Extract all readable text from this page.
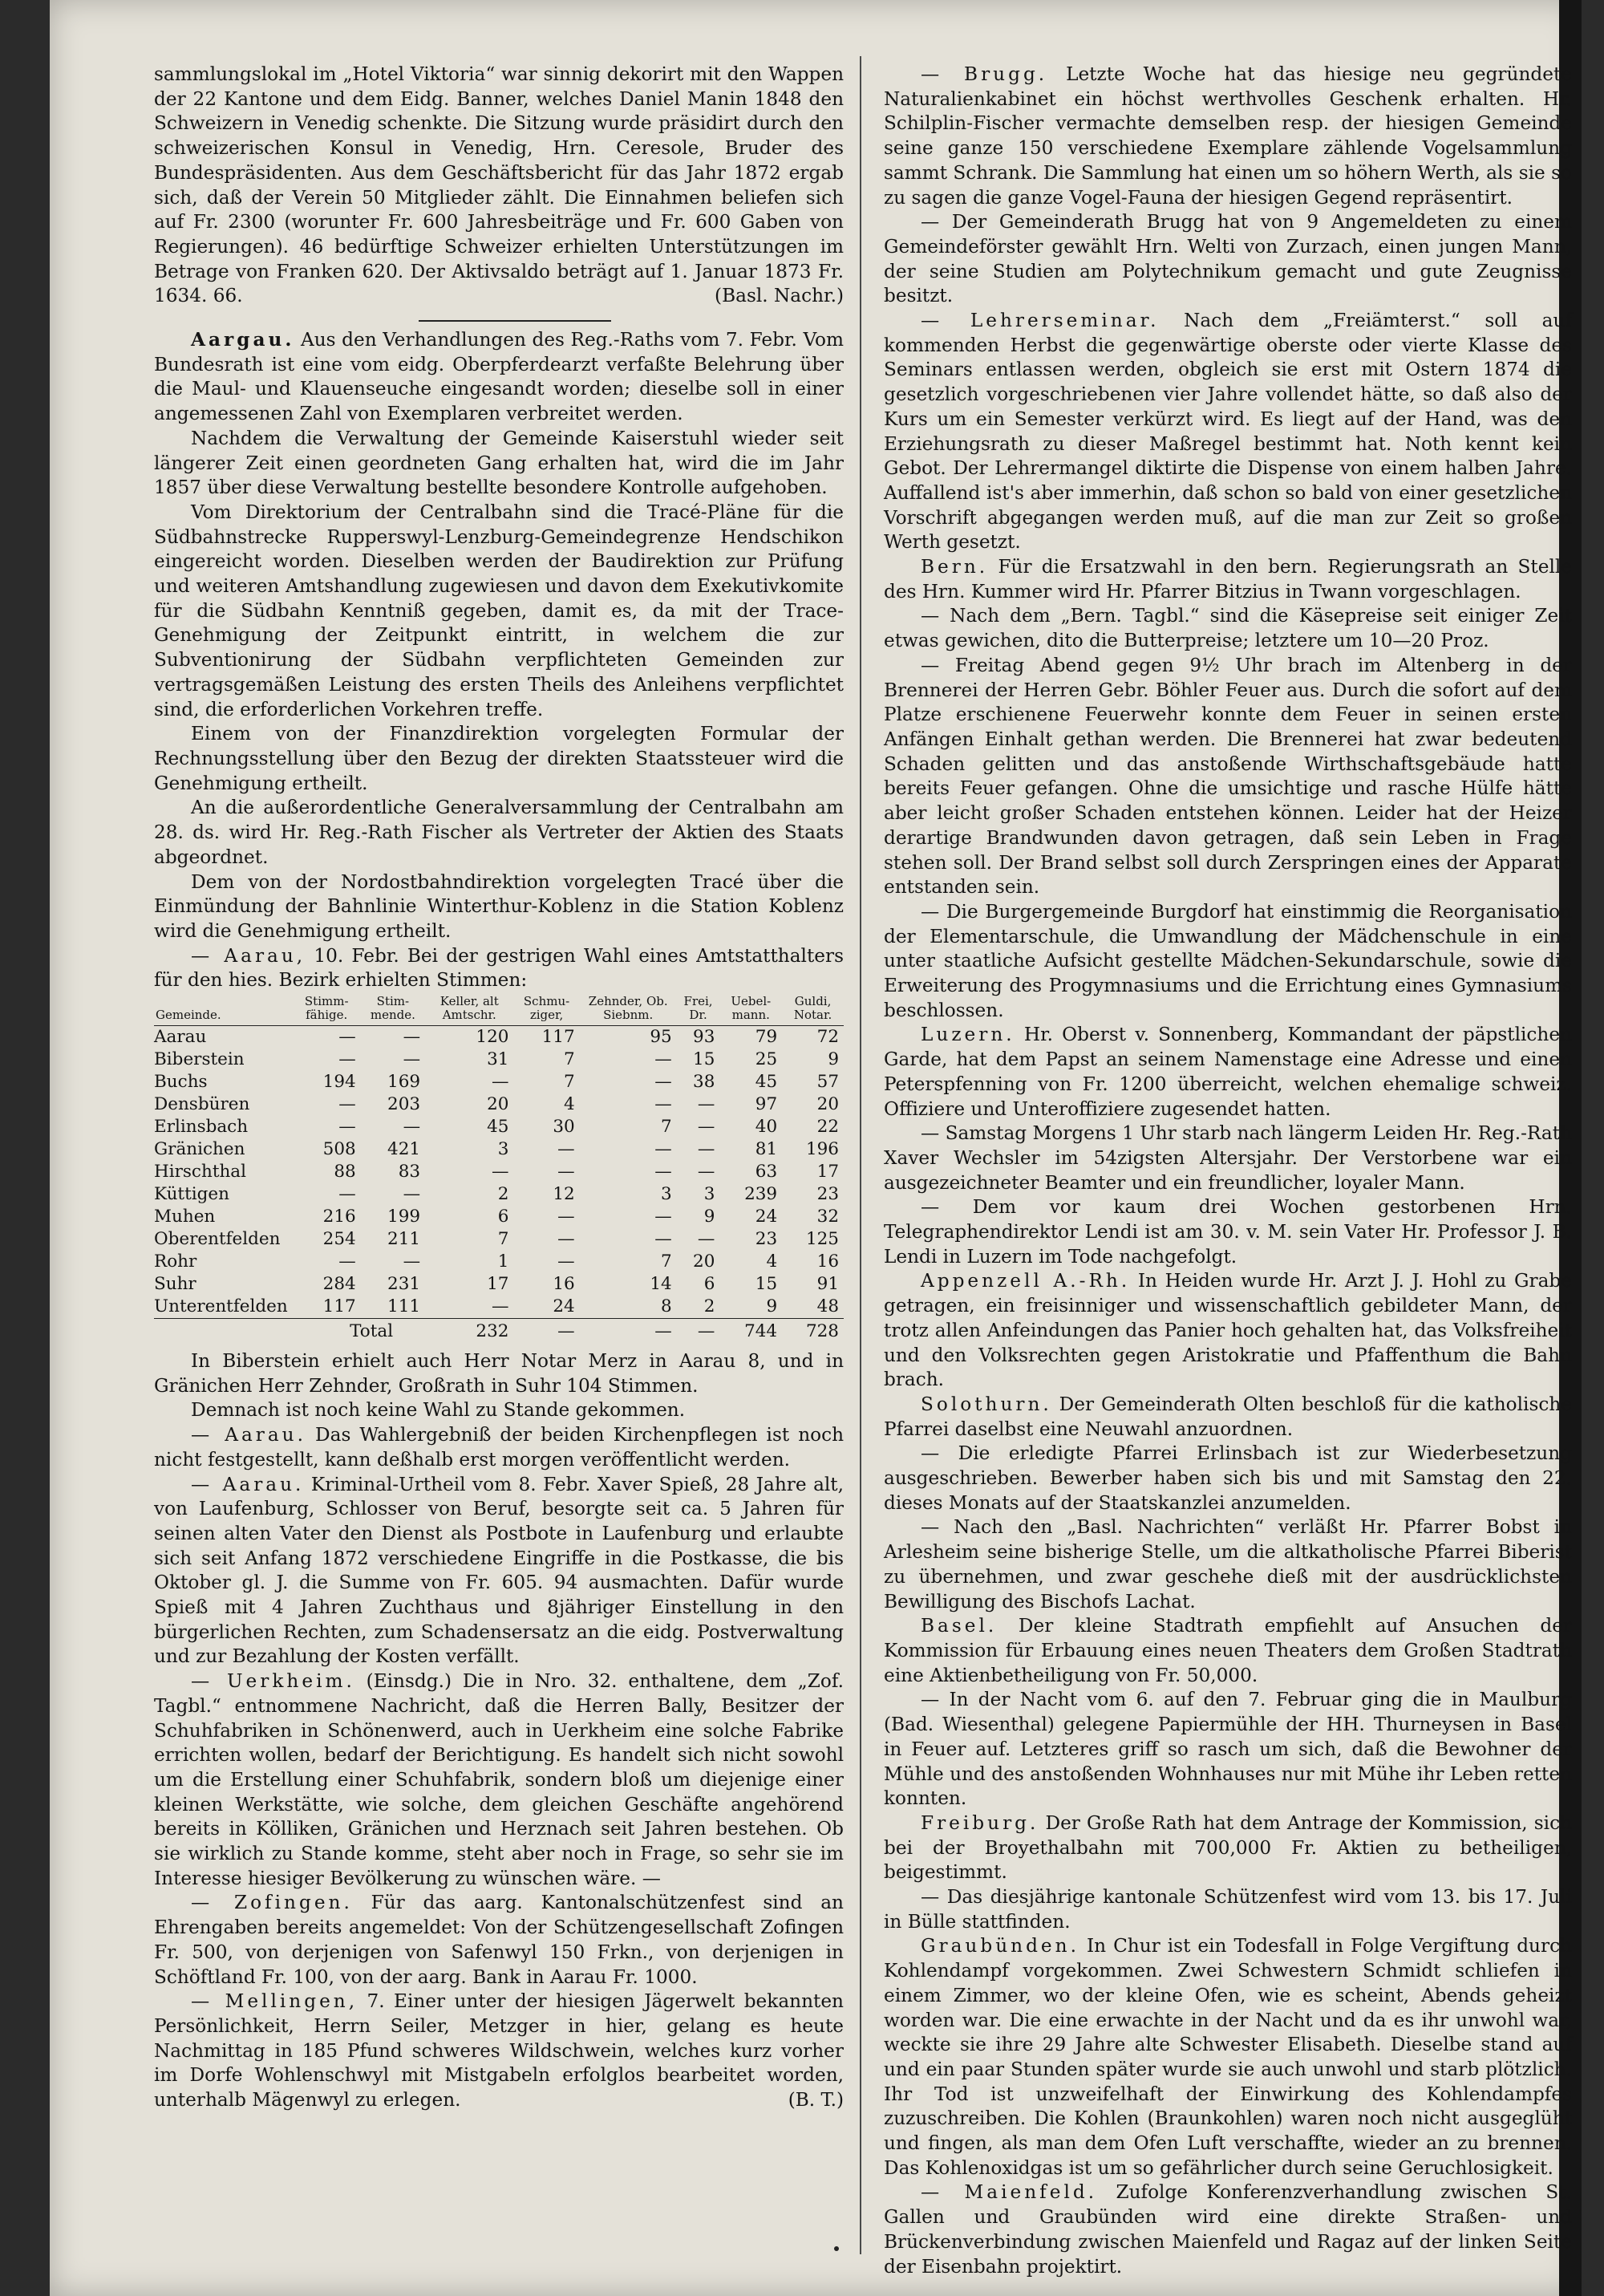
sammlungslokal im „Hotel Viktoria“ war sinnig dekorirt mit den Wappen der 22 Kantone und dem Eidg. Banner, welches Daniel Manin 1848 den Schweizern in Venedig schenkte. Die Sitzung wurde präsidirt durch den schweizerischen Konsul in Venedig, Hrn. Ceresole, Bruder des Bundespräsidenten. Aus dem Geschäftsbericht für das Jahr 1872 ergab sich, daß der Verein 50 Mitglieder zählt. Die Einnahmen beliefen sich auf Fr. 2300 (worunter Fr. 600 Jahresbeiträge und Fr. 600 Gaben von Regierungen). 46 bedürftige Schweizer erhielten Unterstützungen im Betrage von Franken 620. Der Aktivsaldo beträgt auf 1. Januar 1873 Fr. 1634. 66.	(Basl. Nachr.)

Aargau. Aus den Verhandlungen des Reg.-Raths vom 7. Febr. Vom Bundesrath ist eine vom eidg. Oberpferdearzt verfaßte Belehrung über die Maul- und Klauenseuche eingesandt worden; dieselbe soll in einer angemessenen Zahl von Exemplaren verbreitet werden.

Nachdem die Verwaltung der Gemeinde Kaiserstuhl wieder seit längerer Zeit einen geordneten Gang erhalten hat, wird die im Jahr 1857 über diese Verwaltung bestellte besondere Kontrolle aufgehoben.

Vom Direktorium der Centralbahn sind die Tracé-Pläne für die Südbahnstrecke Rupperswyl-Lenzburg-Gemeindegrenze Hendschikon eingereicht worden. Dieselben werden der Baudirektion zur Prüfung und weiteren Amtshandlung zugewiesen und davon dem Exekutivkomite für die Südbahn Kenntniß gegeben, damit es, da mit der Trace-Genehmigung der Zeitpunkt eintritt, in welchem die zur Subventionirung der Südbahn verpflichteten Gemeinden zur vertragsgemäßen Leistung des ersten Theils des Anleihens verpflichtet sind, die erforderlichen Vorkehren treffe.

Einem von der Finanzdirektion vorgelegten Formular der Rechnungsstellung über den Bezug der direkten Staatssteuer wird die Genehmigung ertheilt.

An die außerordentliche Generalversammlung der Centralbahn am 28. ds. wird Hr. Reg.-Rath Fischer als Vertreter der Aktien des Staats abgeordnet.

Dem von der Nordostbahndirektion vorgelegten Tracé über die Einmündung der Bahnlinie Winterthur-Koblenz in die Station Koblenz wird die Genehmigung ertheilt.

— Aarau, 10. Febr. Bei der gestrigen Wahl eines Amtstatthalters für den hies. Bezirk erhielten Stimmen:

Gemeinde.	Stimm-fähige.	Stim-mende.	Keller, alt Amtschr.	Schmu-ziger,	Zehnder, Ob. Siebnm.	Frei, Dr.	Uebel-mann.	Guldi, Notar.
Aarau	—	—	120	117	95	93	79	72
Biberstein	—	—	31	7	—	15	25	9
Buchs	194	169	—	7	—	38	45	57
Densbüren	—	203	20	4	—	—	97	20
Erlinsbach	—	—	45	30	7	—	40	22
Gränichen	508	421	3	—	—	—	81	196
Hirschthal	88	83	—	—	—	—	63	17
Küttigen	—	—	2	12	3	3	239	23
Muhen	216	199	6	—	—	9	24	32
Oberentfelden	254	211	7	—	—	—	23	125
Rohr	—	—	1	—	7	20	4	16
Suhr	284	231	17	16	14	6	15	91
Unterentfelden	117	111	—	24	8	2	9	48
Total			232	—	—	—	744	728

In Biberstein erhielt auch Herr Notar Merz in Aarau 8, und in Gränichen Herr Zehnder, Großrath in Suhr 104 Stimmen.

Demnach ist noch keine Wahl zu Stande gekommen.

— Aarau. Das Wahlergebniß der beiden Kirchenpflegen ist noch nicht festgestellt, kann deßhalb erst morgen veröffentlicht werden.

— Aarau. Kriminal-Urtheil vom 8. Febr. Xaver Spieß, 28 Jahre alt, von Laufenburg, Schlosser von Beruf, besorgte seit ca. 5 Jahren für seinen alten Vater den Dienst als Postbote in Laufenburg und erlaubte sich seit Anfang 1872 verschiedene Eingriffe in die Postkasse, die bis Oktober gl. J. die Summe von Fr. 605. 94 ausmachten. Dafür wurde Spieß mit 4 Jahren Zuchthaus und 8jähriger Einstellung in den bürgerlichen Rechten, zum Schadensersatz an die eidg. Postverwaltung und zur Bezahlung der Kosten verfällt.

— Uerkheim. (Einsdg.) Die in Nro. 32. enthaltene, dem „Zof. Tagbl.“ entnommene Nachricht, daß die Herren Bally, Besitzer der Schuhfabriken in Schönenwerd, auch in Uerkheim eine solche Fabrike errichten wollen, bedarf der Berichtigung. Es handelt sich nicht sowohl um die Erstellung einer Schuhfabrik, sondern bloß um diejenige einer kleinen Werkstätte, wie solche, dem gleichen Geschäfte angehörend bereits in Kölliken, Gränichen und Herznach seit Jahren bestehen. Ob sie wirklich zu Stande komme, steht aber noch in Frage, so sehr sie im Interesse hiesiger Bevölkerung zu wünschen wäre. —

— Zofingen. Für das aarg. Kantonalschützenfest sind an Ehrengaben bereits angemeldet: Von der Schützengesellschaft Zofingen Fr. 500, von derjenigen von Safenwyl 150 Frkn., von derjenigen in Schöftland Fr. 100, von der aarg. Bank in Aarau Fr. 1000.

— Mellingen, 7. Einer unter der hiesigen Jägerwelt bekannten Persönlichkeit, Herrn Seiler, Metzger in hier, gelang es heute Nachmittag in 185 Pfund schweres Wildschwein, welches kurz vorher im Dorfe Wohlenschwyl mit Mistgabeln erfolglos bearbeitet worden, unterhalb Mägenwyl zu erlegen.	(B. T.)

— Brugg. Letzte Woche hat das hiesige neu gegründete Naturalienkabinet ein höchst werthvolles Geschenk erhalten. Hr. Schilplin-Fischer vermachte demselben resp. der hiesigen Gemeinde seine ganze 150 verschiedene Exemplare zählende Vogelsammlung sammt Schrank. Die Sammlung hat einen um so höhern Werth, als sie so zu sagen die ganze Vogel-Fauna der hiesigen Gegend repräsentirt.

— Der Gemeinderath Brugg hat von 9 Angemeldeten zu einem Gemeindeförster gewählt Hrn. Welti von Zurzach, einen jungen Mann, der seine Studien am Polytechnikum gemacht und gute Zeugnisse besitzt.

— Lehrerseminar. Nach dem „Freiämterst.“ soll auf kommenden Herbst die gegenwärtige oberste oder vierte Klasse des Seminars entlassen werden, obgleich sie erst mit Ostern 1874 die gesetzlich vorgeschriebenen vier Jahre vollendet hätte, so daß also der Kurs um ein Semester verkürzt wird. Es liegt auf der Hand, was den Erziehungsrath zu dieser Maßregel bestimmt hat. Noth kennt kein Gebot. Der Lehrermangel diktirte die Dispense von einem halben Jahre. Auffallend ist's aber immerhin, daß schon so bald von einer gesetzlichen Vorschrift abgegangen werden muß, auf die man zur Zeit so großen Werth gesetzt.

Bern. Für die Ersatzwahl in den bern. Regierungsrath an Stelle des Hrn. Kummer wird Hr. Pfarrer Bitzius in Twann vorgeschlagen.

— Nach dem „Bern. Tagbl.“ sind die Käsepreise seit einiger Zeit etwas gewichen, dito die Butterpreise; letztere um 10—20 Proz.

— Freitag Abend gegen 9½ Uhr brach im Altenberg in der Brennerei der Herren Gebr. Böhler Feuer aus. Durch die sofort auf dem Platze erschienene Feuerwehr konnte dem Feuer in seinen ersten Anfängen Einhalt gethan werden. Die Brennerei hat zwar bedeutend Schaden gelitten und das anstoßende Wirthschaftsgebäude hatte bereits Feuer gefangen. Ohne die umsichtige und rasche Hülfe hätte aber leicht großer Schaden entstehen können. Leider hat der Heizer derartige Brandwunden davon getragen, daß sein Leben in Frage stehen soll. Der Brand selbst soll durch Zerspringen eines der Apparate entstanden sein.

— Die Burgergemeinde Burgdorf hat einstimmig die Reorganisation der Elementarschule, die Umwandlung der Mädchenschule in eine unter staatliche Aufsicht gestellte Mädchen-Sekundarschule, sowie die Erweiterung des Progymnasiums und die Errichtung eines Gymnasiums beschlossen.

Luzern. Hr. Oberst v. Sonnenberg, Kommandant der päpstlichen Garde, hat dem Papst an seinem Namenstage eine Adresse und einen Peterspfenning von Fr. 1200 überreicht, welchen ehemalige schweiz. Offiziere und Unteroffiziere zugesendet hatten.

— Samstag Morgens 1 Uhr starb nach längerm Leiden Hr. Reg.-Rath Xaver Wechsler im 54zigsten Altersjahr. Der Verstorbene war ein ausgezeichneter Beamter und ein freundlicher, loyaler Mann.

— Dem vor kaum drei Wochen gestorbenen Hrn. Telegraphendirektor Lendi ist am 30. v. M. sein Vater Hr. Professor J. B. Lendi in Luzern im Tode nachgefolgt.

Appenzell A.-Rh. In Heiden wurde Hr. Arzt J. J. Hohl zu Grabe getragen, ein freisinniger und wissenschaftlich gebildeter Mann, der trotz allen Anfeindungen das Panier hoch gehalten hat, das Volksfreiheit und den Volksrechten gegen Aristokratie und Pfaffenthum die Bahn brach.

Solothurn. Der Gemeinderath Olten beschloß für die katholische Pfarrei daselbst eine Neuwahl anzuordnen.

— Die erledigte Pfarrei Erlinsbach ist zur Wiederbesetzung ausgeschrieben. Bewerber haben sich bis und mit Samstag den 22. dieses Monats auf der Staatskanzlei anzumelden.

— Nach den „Basl. Nachrichten“ verläßt Hr. Pfarrer Bobst in Arlesheim seine bisherige Stelle, um die altkatholische Pfarrei Biberist zu übernehmen, und zwar geschehe dieß mit der ausdrücklichsten Bewilligung des Bischofs Lachat.

Basel. Der kleine Stadtrath empfiehlt auf Ansuchen der Kommission für Erbauung eines neuen Theaters dem Großen Stadtrath eine Aktienbetheiligung von Fr. 50,000.

— In der Nacht vom 6. auf den 7. Februar ging die in Maulburg (Bad. Wiesenthal) gelegene Papiermühle der HH. Thurneysen in Basel in Feuer auf. Letzteres griff so rasch um sich, daß die Bewohner der Mühle und des anstoßenden Wohnhauses nur mit Mühe ihr Leben retten konnten.

Freiburg. Der Große Rath hat dem Antrage der Kommission, sich bei der Broyethalbahn mit 700,000 Fr. Aktien zu betheiligen, beigestimmt.

— Das diesjährige kantonale Schützenfest wird vom 13. bis 17. Juli in Bülle stattfinden.

Graubünden. In Chur ist ein Todesfall in Folge Vergiftung durch Kohlendampf vorgekommen. Zwei Schwestern Schmidt schliefen in einem Zimmer, wo der kleine Ofen, wie es scheint, Abends geheizt worden war. Die eine erwachte in der Nacht und da es ihr unwohl war, weckte sie ihre 29 Jahre alte Schwester Elisabeth. Dieselbe stand auf und ein paar Stunden später wurde sie auch unwohl und starb plötzlich. Ihr Tod ist unzweifelhaft der Einwirkung des Kohlendampfes zuzuschreiben. Die Kohlen (Braunkohlen) waren noch nicht ausgeglüht und fingen, als man dem Ofen Luft verschaffte, wieder an zu brennen. Das Kohlenoxidgas ist um so gefährlicher durch seine Geruchlosigkeit.

— Maienfeld. Zufolge Konferenzverhandlung zwischen St. Gallen und Graubünden wird eine direkte Straßen- und Brückenverbindung zwischen Maienfeld und Ragaz auf der linken Seite der Eisenbahn projektirt.
